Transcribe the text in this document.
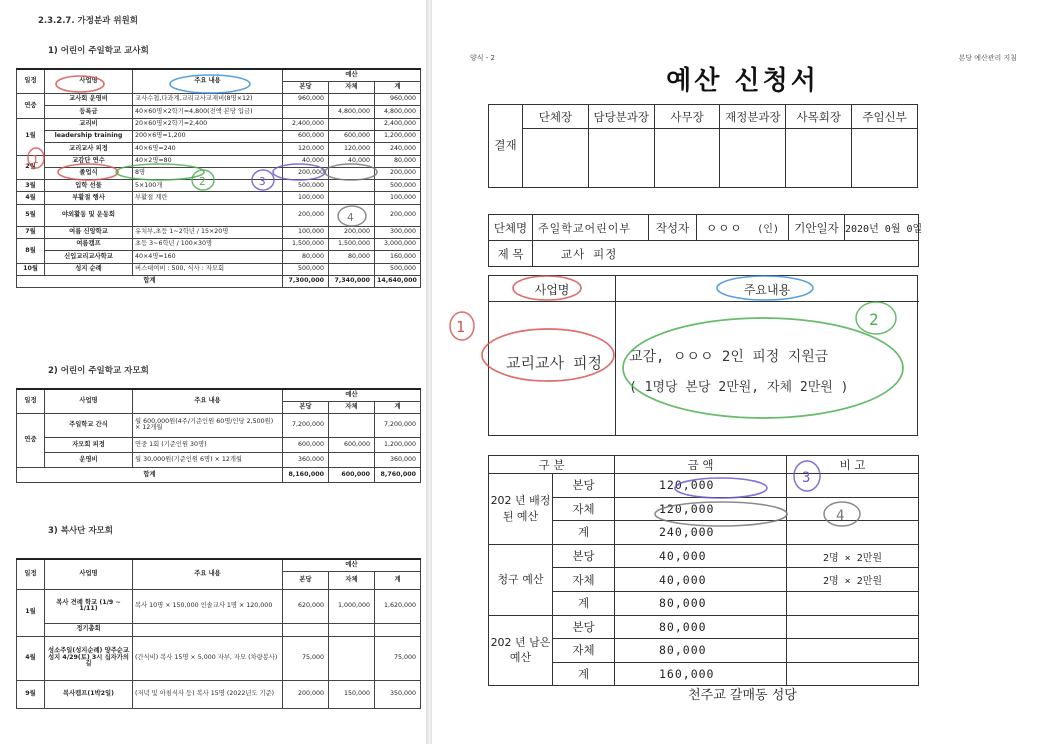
2.3.2.7. 가정분과 위원회
1) 어린이 주일학교 교사회
일정	사업명	주요 내용	예산		
			본당	자체	계
연중	교사회 운영비	교사수첩,다과계,교리교사교재비(8명×12)	960,000		960,000
	등록금	40×60명×2학기=4,800(전액 본당 입금)		4,800,000	4,800,000
1월	교리비	20×60명×2학기=2,400	2,400,000		2,400,000
	leadership training	200×6명=1,200	600,000	600,000	1,200,000
	교리교사 피정	40×6명=240	120,000	120,000	240,000
2월	교감단 연수	40×2명=80	40,000	40,000	80,000
	졸업식	8명	200,000		200,000
3월	입학 선물	5×100개	500,000		500,000
4월	부활절 행사	부활절 계란	100,000		100,000
5월	야외활동 및 운동회		200,000		200,000
7월	여름 신앙학교	유치부,초등 1~2학년 / 15×20명	100,000	200,000	300,000
8월	여름캠프	초등 3~6학년 / 100×30명	1,500,000	1,500,000	3,000,000
	신입교리교사학교	40×4명=160	80,000	80,000	160,000
10월	성지 순례	버스대여비 : 500, 식사 : 자모회	500,000		500,000
합계			7,300,000	7,340,000	14,640,000
2) 어린이 주일학교 자모회
일정	사업명	주요 내용	예산		
			본당	자체	계
연중	주일학교 간식	월 600,000원(4주/기준인원 60명/인당 2,500원) × 12개월	7,200,000		7,200,000
	자모회 피정	연중 1회 (기준인원 30명)	600,000	600,000	1,200,000
	운영비	월 30,000원(기준인원 6명) × 12개월	360,000		360,000
합계			8,160,000	600,000	8,760,000
3) 복사단 자모회
일정	사업명	주요 내용	예산		
			본당	자체	계
1월	복사 견례 학교 (1/9 ~ 1/11)	복사 10명 × 150,000 인솔교사 1명 × 120,000	620,000	1,000,000	1,620,000
	정기총회				
4월	성소주일(성지순례) 양주순교성지 4/29(토) 3시 십자가의 길	(간식비) 복사 15명 × 5,000 자부, 자모 (차량봉사)	75,000		75,000
9월	복사캠프(1박2일)	(저녁 및 아침식사 등) 복사 15명 (2022년도 기준)	200,000	150,000	350,000
양식 - 2	본당 예산관리 지침
예산 신청서
결재	단체장	담당분과장	사무장	재정분과장	사목회장	주임신부

단체명	주일학교어린이부	작성자	ㅇㅇㅇ (인)	기안일자	2020년 0월 0일
제 목	교사 피정				
사업명	주요내용
교리교사 피정	교감, ㅇㅇㅇ 2인 피정 지원금
( 1명당 본당 2만원, 자체 2만원 )
구 분		금 액	비 고
202 년 배정된 예산	본당	120,000	
	자체	120,000	
	계	240,000	
청구 예산	본당	40,000	2명 × 2만원
	자체	40,000	2명 × 2만원
	계	80,000	
202 년 남은 예산	본당	80,000	
	자체	80,000	
	계	160,000	
천주교 갈매동 성당
1
2	3
4
1	2
3
4
